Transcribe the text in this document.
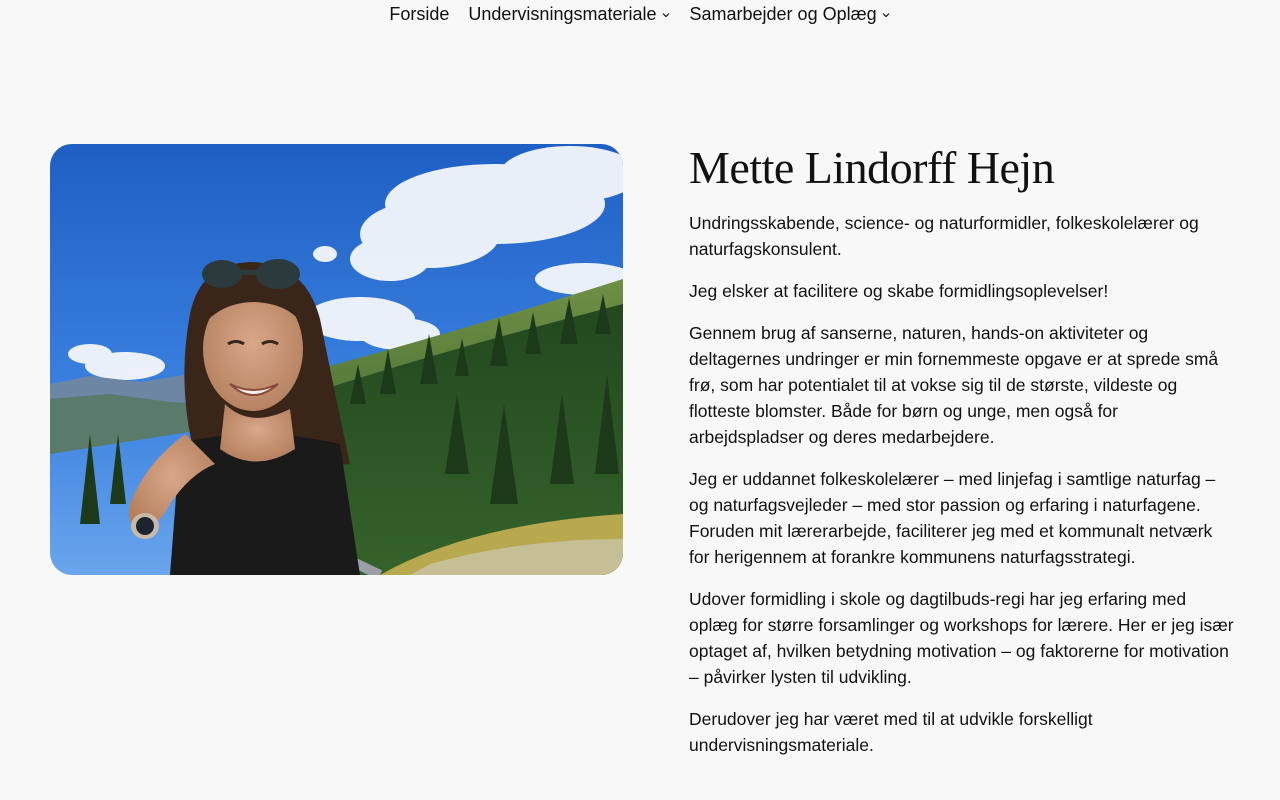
Forside Undervisningsmateriale Samarbejder og Oplæg
Mette Lindorff Hejn

Undringsskabende, science- og naturformidler, folkeskolelærer og naturfagskonsulent.

Jeg elsker at facilitere og skabe formidlingsoplevelser!

Gennem brug af sanserne, naturen, hands-on aktiviteter og deltagernes undringer er min fornemmeste opgave er at sprede små frø, som har potentialet til at vokse sig til de største, vildeste og flotteste blomster. Både for børn og unge, men også for arbejdspladser og deres medarbejdere.

Jeg er uddannet folkeskolelærer – med linjefag i samtlige naturfag – og naturfagsvejleder – med stor passion og erfaring i naturfagene. Foruden mit lærerarbejde, faciliterer jeg med et kommunalt netværk for herigennem at forankre kommunens naturfagsstrategi.

Udover formidling i skole og dagtilbuds-regi har jeg erfaring med oplæg for større forsamlinger og workshops for lærere. Her er jeg især optaget af, hvilken betydning motivation – og faktorerne for motivation – påvirker lysten til udvikling.

Derudover jeg har været med til at udvikle forskelligt undervisningsmateriale.
